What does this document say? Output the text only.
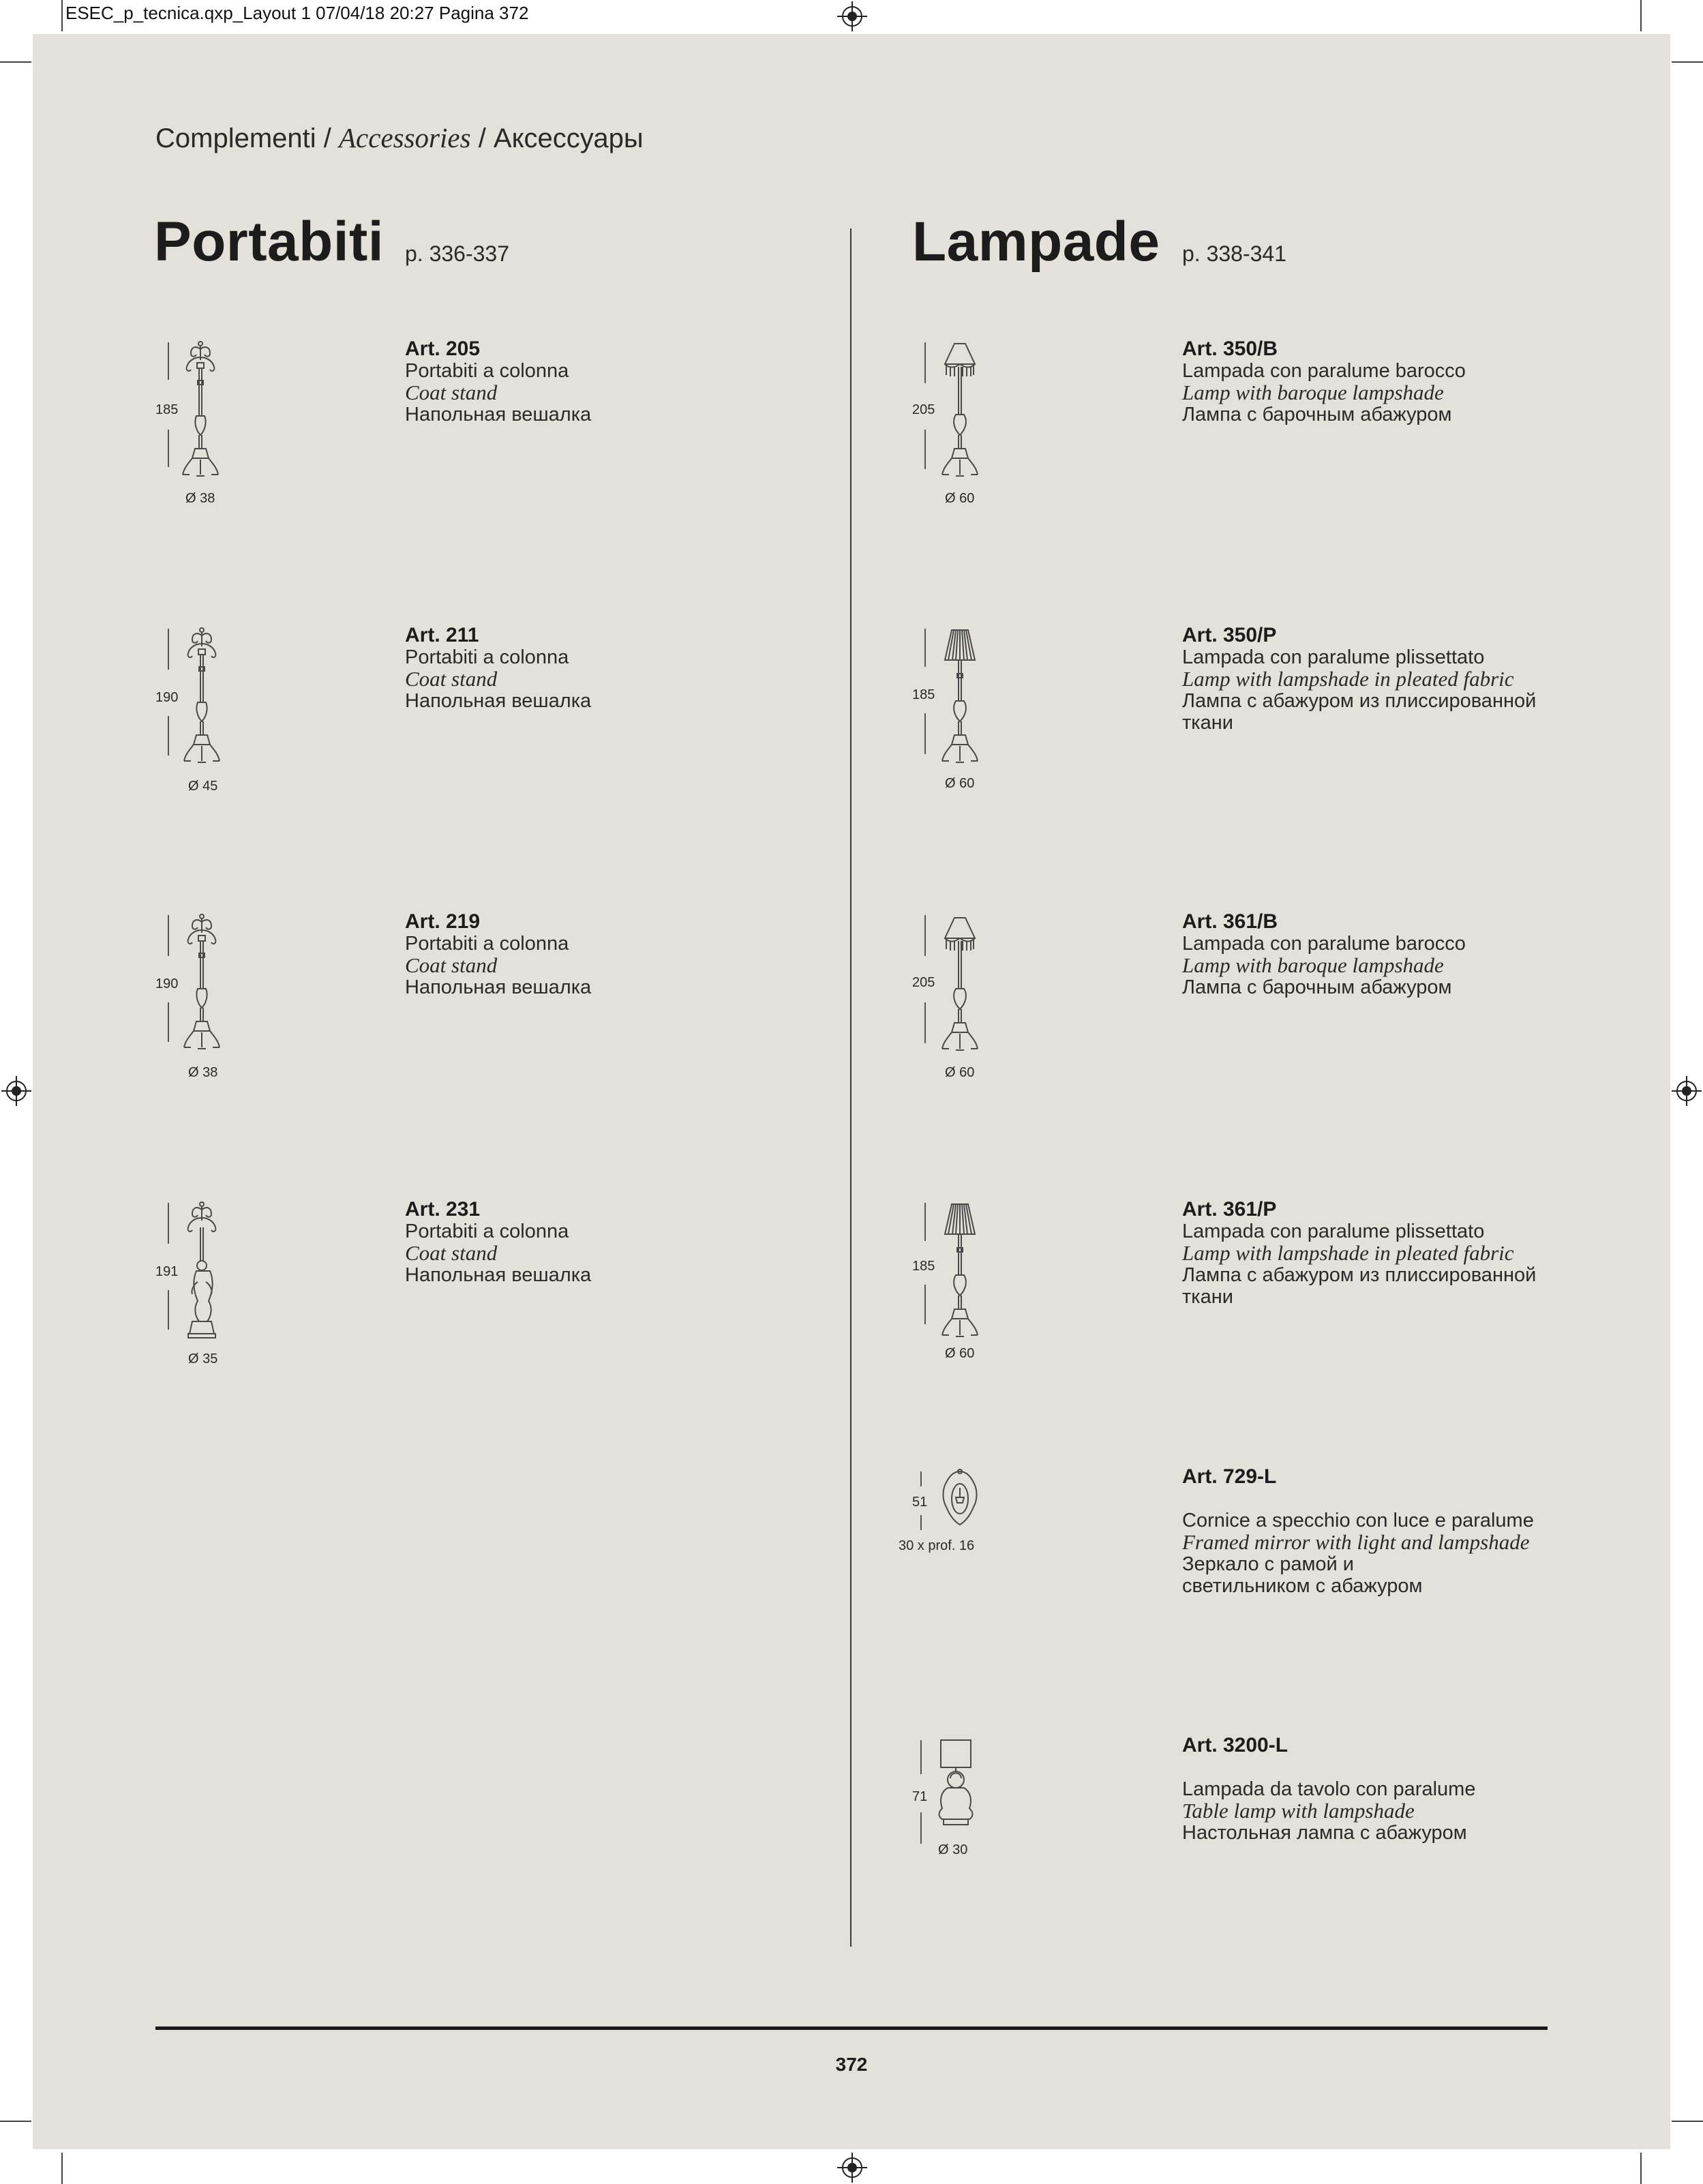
ESEC_p_tecnica.qxp_Layout 1 07/04/18 20:27 Pagina 372
Complementi / Accessories / Аксессуары
Portabiti p. 336-337	Lampade p. 338-341
185
Ø 38
Art. 205
Portabiti a colonna
Coat stand
Напольная вешалка
190
Ø 45
Art. 211
Portabiti a colonna
Coat stand
Напольная вешалка
190
Ø 38
Art. 219
Portabiti a colonna
Coat stand
Напольная вешалка
191
Ø 35
Art. 231
Portabiti a colonna
Coat stand
Напольная вешалка
205
Ø 60
Art. 350/B
Lampada con paralume barocco
Lamp with baroque lampshade
Лампа с барочным абажуром
185
Ø 60
Art. 350/P
Lampada con paralume plissettato
Lamp with lampshade in pleated fabric
Лампа с абажуром из плиссированной ткани
205
Ø 60
Art. 361/B
Lampada con paralume barocco
Lamp with baroque lampshade
Лампа с барочным абажуром
185
Ø 60
Art. 361/P
Lampada con paralume plissettato
Lamp with lampshade in pleated fabric
Лампа с абажуром из плиссированной ткани
51
30 x prof. 16
Art. 729-L
Cornice a specchio con luce e paralume
Framed mirror with light and lampshade
Зеркало с рамой и светильником с абажуром
71
Ø 30
Art. 3200-L
Lampada da tavolo con paralume
Table lamp with lampshade
Настольная лампа с абажуром
372
